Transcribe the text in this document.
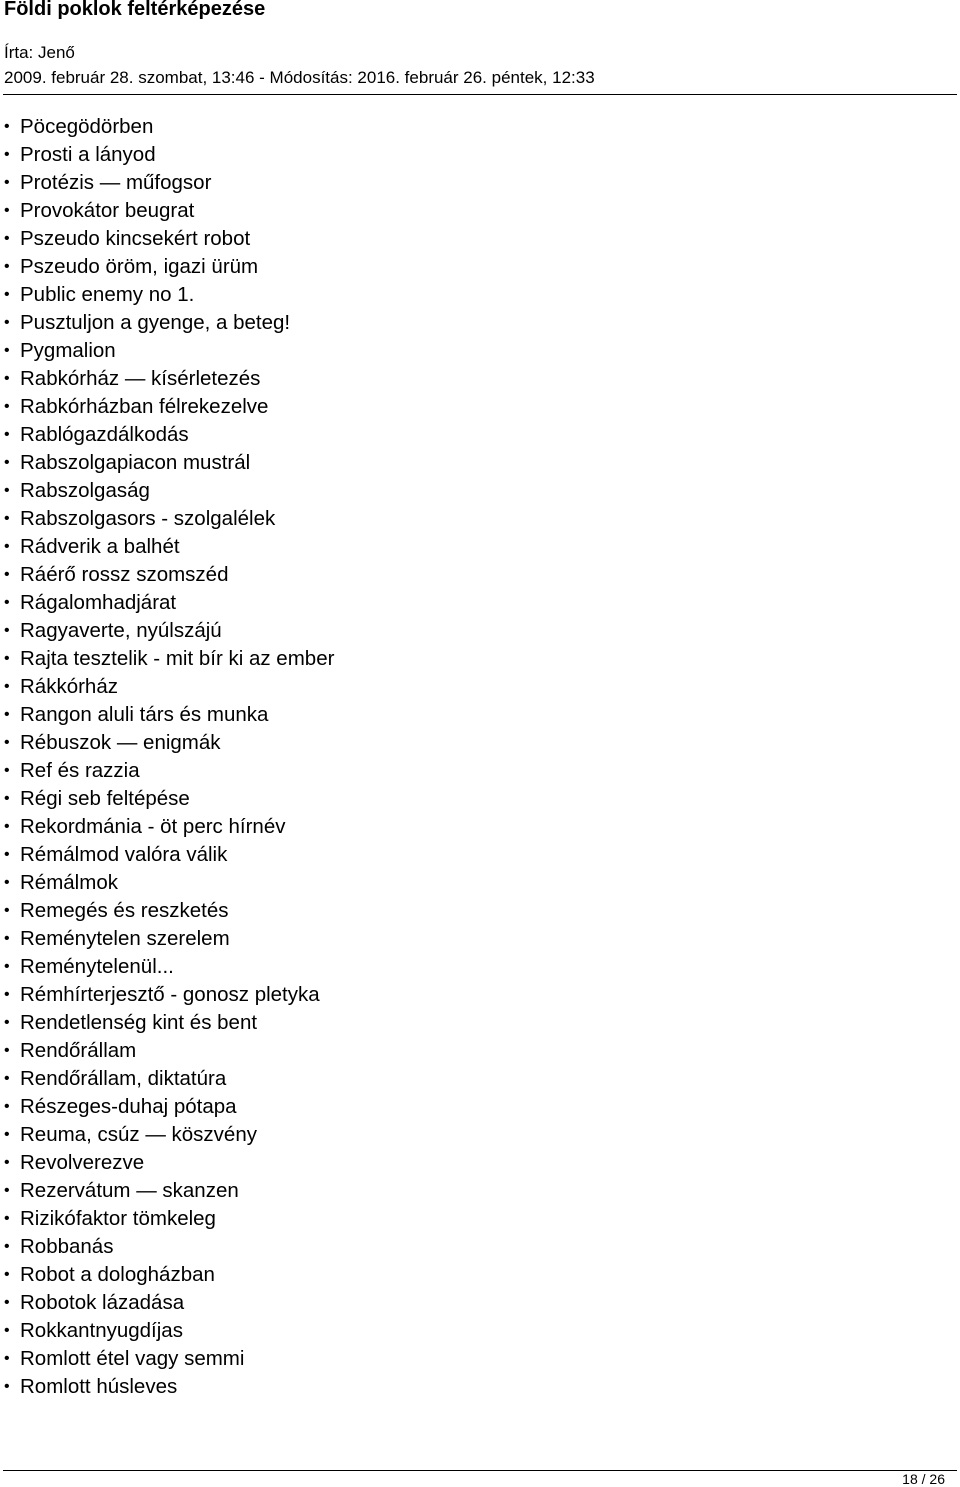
Földi poklok feltérképezése
Írta: Jenő
2009. február 28. szombat, 13:46 - Módosítás: 2016. február 26. péntek, 12:33
• Pöcegödörben
• Prosti a lányod
• Protézis — műfogsor
• Provokátor beugrat
• Pszeudo kincsekért robot
• Pszeudo öröm, igazi ürüm
• Public enemy no 1.
• Pusztuljon a gyenge, a beteg!
• Pygmalion
• Rabkórház — kísérletezés
• Rabkórházban félrekezelve
• Rablógazdálkodás
• Rabszolgapiacon mustrál
• Rabszolgaság
• Rabszolgasors - szolgalélek
• Rádverik a balhét
• Ráérő rossz szomszéd
• Rágalomhadjárat
• Ragyaverte, nyúlszájú
• Rajta tesztelik - mit bír ki az ember
• Rákkórház
• Rangon aluli társ és munka
• Rébuszok — enigmák
• Ref és razzia
• Régi seb feltépése
• Rekordmánia - öt perc hírnév
• Rémálmod valóra válik
• Rémálmok
• Remegés és reszketés
• Reménytelen szerelem
• Reménytelenül...
• Rémhírterjesztő - gonosz pletyka
• Rendetlenség kint és bent
• Rendőrállam
• Rendőrállam, diktatúra
• Részeges-duhaj pótapa
• Reuma, csúz — köszvény
• Revolverezve
• Rezervátum — skanzen
• Rizikófaktor tömkeleg
• Robbanás
• Robot a dologházban
• Robotok lázadása
• Rokkantnyugdíjas
• Romlott étel vagy semmi
• Romlott húsleves
18 / 26
